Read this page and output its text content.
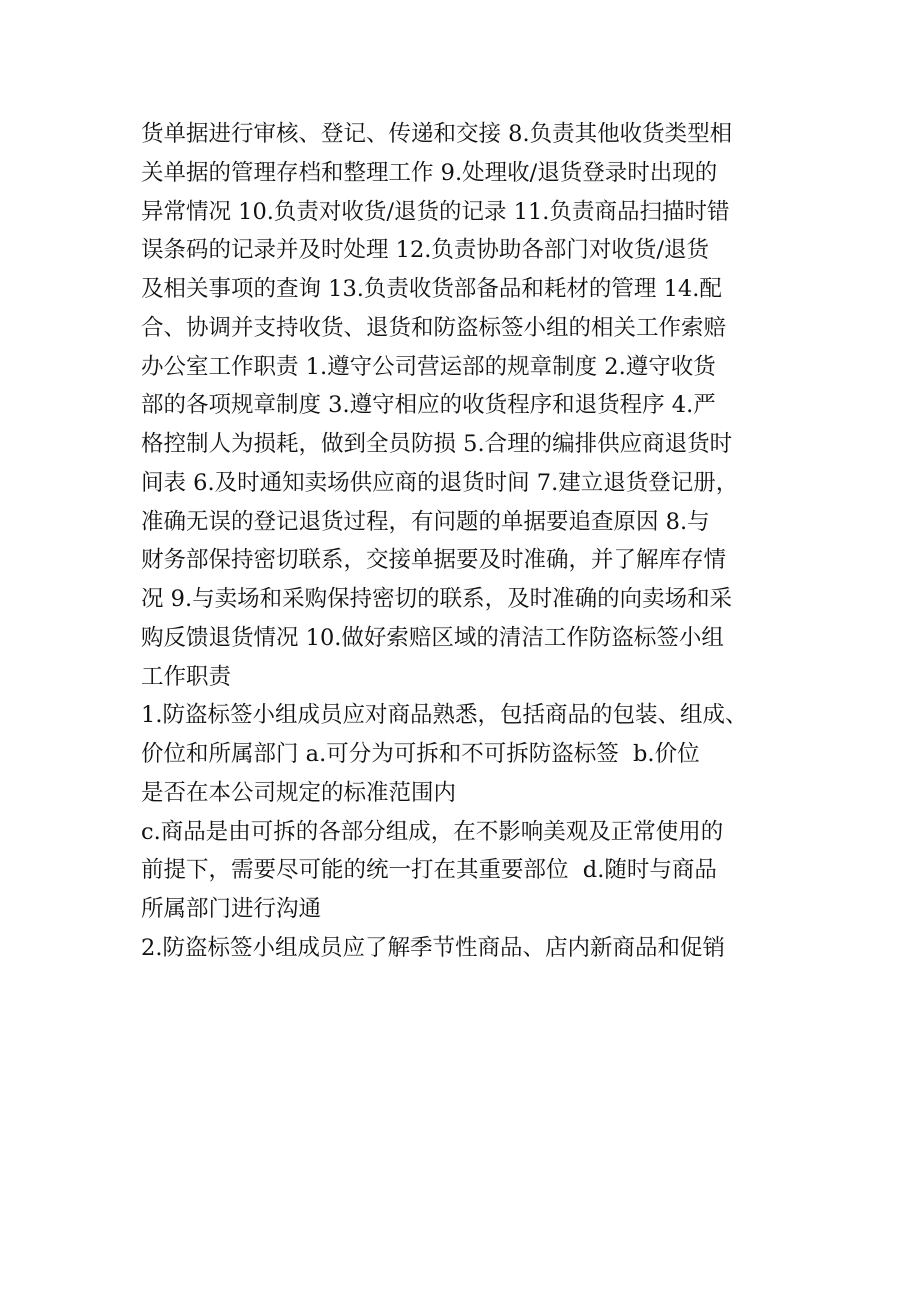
货单据进行审核、登记、传递和交接 8.负责其他收货类型相
关单据的管理存档和整理工作 9.处理收/退货登录时出现的
异常情况 10.负责对收货/退货的记录 11.负责商品扫描时错
误条码的记录并及时处理 12.负责协助各部门对收货/退货
及相关事项的查询 13.负责收货部备品和耗材的管理 14.配
合、协调并支持收货、退货和防盗标签小组的相关工作索赔
办公室工作职责 1.遵守公司营运部的规章制度 2.遵守收货
部的各项规章制度 3.遵守相应的收货程序和退货程序 4.严
格控制人为损耗，做到全员防损 5.合理的编排供应商退货时
间表 6.及时通知卖场供应商的退货时间 7.建立退货登记册，
准确无误的登记退货过程，有问题的单据要追查原因 8.与
财务部保持密切联系，交接单据要及时准确，并了解库存情
况 9.与卖场和采购保持密切的联系，及时准确的向卖场和采
购反馈退货情况 10.做好索赔区域的清洁工作防盗标签小组
工作职责
1.防盗标签小组成员应对商品熟悉，包括商品的包装、组成、
价位和所属部门 a.可分为可拆和不可拆防盗标签  b.价位
是否在本公司规定的标准范围内
c.商品是由可拆的各部分组成，在不影响美观及正常使用的
前提下，需要尽可能的统一打在其重要部位  d.随时与商品
所属部门进行沟通
2.防盗标签小组成员应了解季节性商品、店内新商品和促销
